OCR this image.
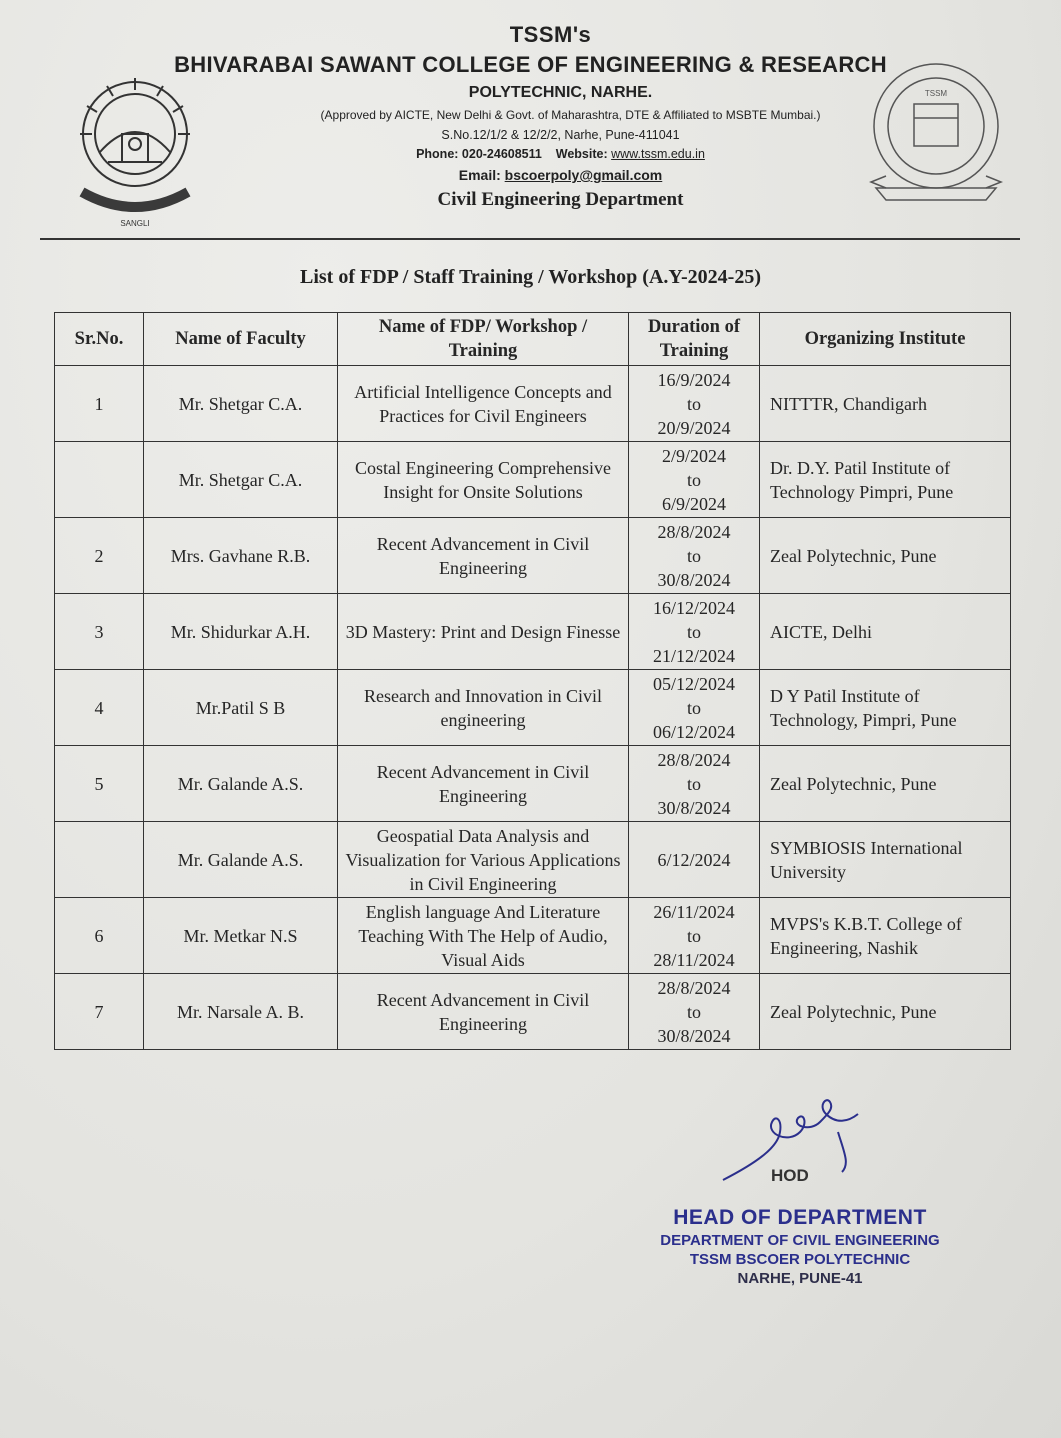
SANGLI
TSSM
TSSM's
BHIVARABAI SAWANT COLLEGE OF ENGINEERING & RESEARCH
POLYTECHNIC, NARHE.
(Approved by AICTE, New Delhi & Govt. of Maharashtra, DTE & Affiliated to MSBTE Mumbai.)
S.No.12/1/2 & 12/2/2, Narhe, Pune-411041
Phone: 020-24608511 Website: www.tssm.edu.in
Email: bscoerpoly@gmail.com
Civil Engineering Department
List of FDP / Staff Training / Workshop (A.Y-2024-25)
Sr.No.	Name of Faculty	Name of FDP/ Workshop / Training	Duration of Training	Organizing Institute
1	Mr. Shetgar C.A.	Artificial Intelligence Concepts and Practices for Civil Engineers	16/9/2024
to
20/9/2024	NITTTR, Chandigarh
	Mr. Shetgar C.A.	Costal Engineering Comprehensive Insight for Onsite Solutions	2/9/2024
to
6/9/2024	Dr. D.Y. Patil Institute of Technology Pimpri, Pune
2	Mrs. Gavhane R.B.	Recent Advancement in Civil Engineering	28/8/2024
to
30/8/2024	Zeal Polytechnic, Pune
3	Mr. Shidurkar A.H.	3D Mastery: Print and Design Finesse	16/12/2024
to
21/12/2024	AICTE, Delhi
4	Mr.Patil S B	Research and Innovation in Civil engineering	05/12/2024
to
06/12/2024	D Y Patil Institute of Technology, Pimpri, Pune
5	Mr. Galande A.S.	Recent Advancement in Civil Engineering	28/8/2024
to
30/8/2024	Zeal Polytechnic, Pune
	Mr. Galande A.S.	Geospatial Data Analysis and Visualization for Various Applications in Civil Engineering	6/12/2024	SYMBIOSIS International University
6	Mr. Metkar N.S	English language And Literature Teaching With The Help of Audio, Visual Aids	26/11/2024
to
28/11/2024	MVPS's K.B.T. College of Engineering, Nashik
7	Mr. Narsale A. B.	Recent Advancement in Civil Engineering	28/8/2024
to
30/8/2024	Zeal Polytechnic, Pune
HOD
HEAD OF DEPARTMENT
DEPARTMENT OF CIVIL ENGINEERING
TSSM BSCOER POLYTECHNIC
NARHE, PUNE-41
